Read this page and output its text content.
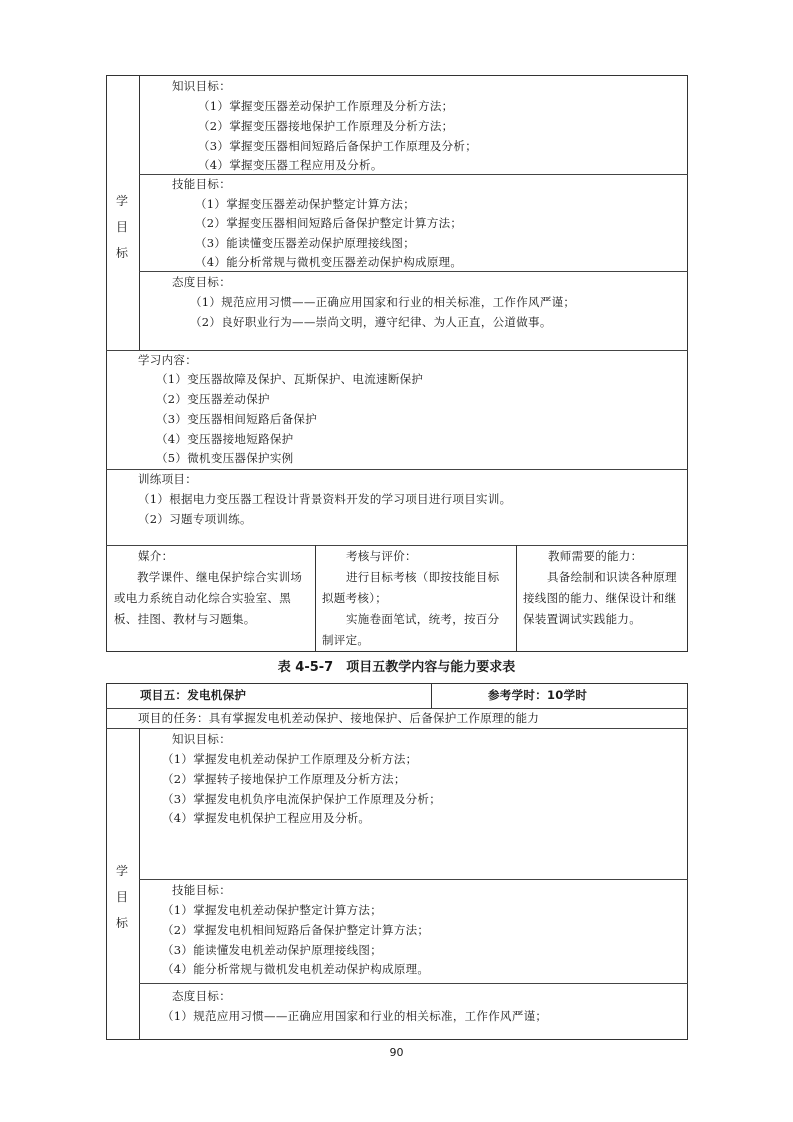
学
目
标
知识目标：
（1）掌握变压器差动保护工作原理及分析方法；
（2）掌握变压器接地保护工作原理及分析方法；
（3）掌握变压器相间短路后备保护工作原理及分析；
（4）掌握变压器工程应用及分析。
技能目标：
（1）掌握变压器差动保护整定计算方法；
（2）掌握变压器相间短路后备保护整定计算方法；
（3）能读懂变压器差动保护原理接线图；
（4）能分析常规与微机变压器差动保护构成原理。
态度目标：
（1）规范应用习惯——正确应用国家和行业的相关标准，工作作风严谨；
（2）良好职业行为——崇尚文明，遵守纪律、为人正直，公道做事。
学习内容：
（1）变压器故障及保护、瓦斯保护、电流速断保护
（2）变压器差动保护
（3）变压器相间短路后备保护
（4）变压器接地短路保护
（5）微机变压器保护实例
训练项目：
（1）根据电力变压器工程设计背景资料开发的学习项目进行项目实训。
（2）习题专项训练。
媒介：
教学课件、继电保护综合实训场或电力系统自动化综合实验室、黑板、挂图、教材与习题集。
考核与评价：
进行目标考核（即按技能目标拟题考核）；
实施卷面笔试，统考，按百分制评定。
教师需要的能力：
具备绘制和识读各种原理接线图的能力、继保设计和继保装置调试实践能力。
表 4-5-7　项目五教学内容与能力要求表
项目五：发电机保护	参考学时：10学时
项目的任务：具有掌握发电机差动保护、接地保护、后备保护工作原理的能力
学
目
标
知识目标：
（1）掌握发电机差动保护工作原理及分析方法；
（2）掌握转子接地保护工作原理及分析方法；
（3）掌握发电机负序电流保护保护工作原理及分析；
（4）掌握发电机保护工程应用及分析。
技能目标：
（1）掌握发电机差动保护整定计算方法；
（2）掌握发电机相间短路后备保护整定计算方法；
（3）能读懂发电机差动保护原理接线图；
（4）能分析常规与微机发电机差动保护构成原理。
态度目标：
（1）规范应用习惯——正确应用国家和行业的相关标准，工作作风严谨；
90
